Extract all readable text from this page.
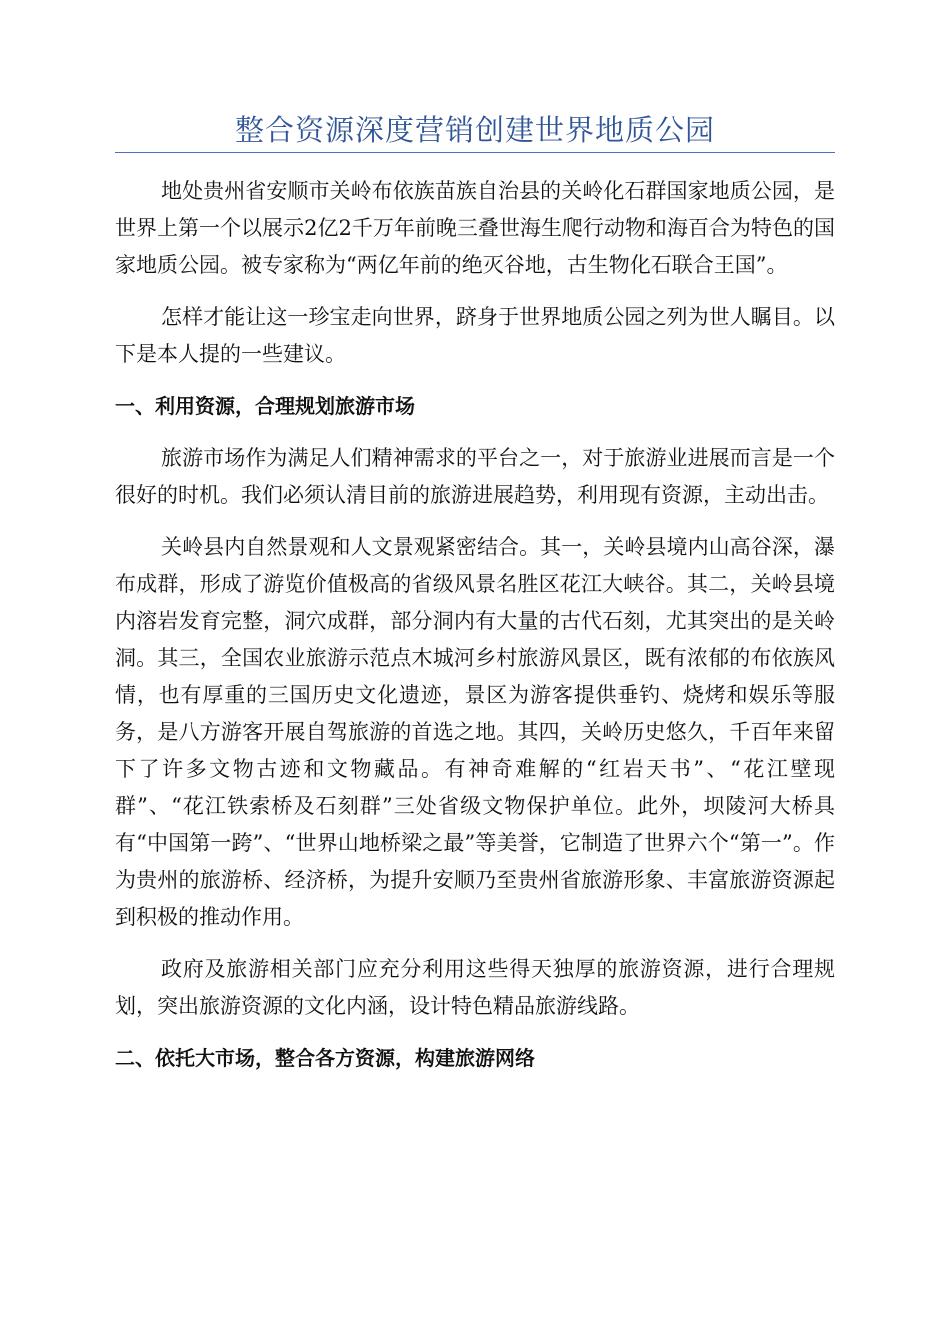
整合资源深度营销创建世界地质公园

地处贵州省安顺市关岭布依族苗族自治县的关岭化石群国家地质公园，是世界上第一个以展示2亿2千万年前晚三叠世海生爬行动物和海百合为特色的国家地质公园。被专家称为“两亿年前的绝灭谷地，古生物化石联合王国”。

怎样才能让这一珍宝走向世界，跻身于世界地质公园之列为世人瞩目。以下是本人提的一些建议。

一、利用资源，合理规划旅游市场

旅游市场作为满足人们精神需求的平台之一，对于旅游业进展而言是一个很好的时机。我们必须认清目前的旅游进展趋势，利用现有资源，主动出击。

关岭县内自然景观和人文景观紧密结合。其一，关岭县境内山高谷深，瀑布成群，形成了游览价值极高的省级风景名胜区花江大峡谷。其二，关岭县境内溶岩发育完整，洞穴成群，部分洞内有大量的古代石刻，尤其突出的是关岭洞。其三，全国农业旅游示范点木城河乡村旅游风景区，既有浓郁的布依族风情，也有厚重的三国历史文化遗迹，景区为游客提供垂钓、烧烤和娱乐等服务，是八方游客开展自驾旅游的首选之地。其四，关岭历史悠久，千百年来留下了许多文物古迹和文物藏品。有神奇难解的“红岩天书”、“花江壁现群”、“花江铁索桥及石刻群”三处省级文物保护单位。此外，坝陵河大桥具有“中国第一跨”、“世界山地桥梁之最”等美誉，它制造了世界六个“第一”。作为贵州的旅游桥、经济桥，为提升安顺乃至贵州省旅游形象、丰富旅游资源起到积极的推动作用。

政府及旅游相关部门应充分利用这些得天独厚的旅游资源，进行合理规划，突出旅游资源的文化内涵，设计特色精品旅游线路。

二、依托大市场，整合各方资源，构建旅游网络
